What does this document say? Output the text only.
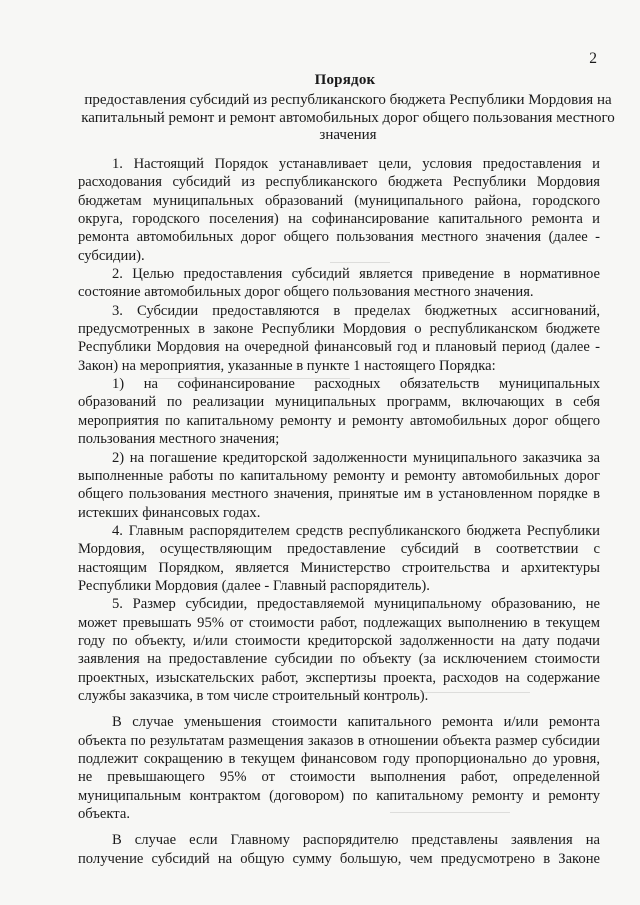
2
Порядок
предоставления субсидий из республиканского бюджета Республики Мордовия на капитальный ремонт и ремонт автомобильных дорог общего пользования местного значения

1. Настоящий Порядок устанавливает цели, условия предоставления и расходования субсидий из республиканского бюджета Республики Мордовия бюджетам муниципальных образований (муниципального района, городского округа, городского поселения) на софинансирование капитального ремонта и ремонта автомобильных дорог общего пользования местного значения (далее - субсидии).

2. Целью предоставления субсидий является приведение в нормативное состояние автомобильных дорог общего пользования местного значения.

3. Субсидии предоставляются в пределах бюджетных ассигнований, предусмотренных в законе Республики Мордовия о республиканском бюджете Республики Мордовия на очередной финансовый год и плановый период (далее - Закон) на мероприятия, указанные в пункте 1 настоящего Порядка:

1) на софинансирование расходных обязательств муниципальных образований по реализации муниципальных программ, включающих в себя мероприятия по капитальному ремонту и ремонту автомобильных дорог общего пользования местного значения;

2) на погашение кредиторской задолженности муниципального заказчика за выполненные работы по капитальному ремонту и ремонту автомобильных дорог общего пользования местного значения, принятые им в установленном порядке в истекших финансовых годах.

4. Главным распорядителем средств республиканского бюджета Республики Мордовия, осуществляющим предоставление субсидий в соответствии с настоящим Порядком, является Министерство строительства и архитектуры Республики Мордовия (далее - Главный распорядитель).

5. Размер субсидии, предоставляемой муниципальному образованию, не может превышать 95% от стоимости работ, подлежащих выполнению в текущем году по объекту, и/или стоимости кредиторской задолженности на дату подачи заявления на предоставление субсидии по объекту (за исключением стоимости проектных, изыскательских работ, экспертизы проекта, расходов на содержание службы заказчика, в том числе строительный контроль).

В случае уменьшения стоимости капитального ремонта и/или ремонта объекта по результатам размещения заказов в отношении объекта размер субсидии подлежит сокращению в текущем финансовом году пропорционально до уровня, не превышающего 95% от стоимости выполнения работ, определенной муниципальным контрактом (договором) по капитальному ремонту и ремонту объекта.

В случае если Главному распорядителю представлены заявления на получение субсидий на общую сумму большую, чем предусмотрено в Законе
